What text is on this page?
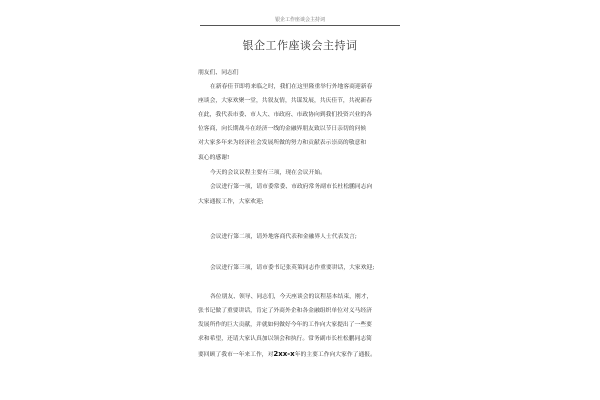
银企工作座谈会主持词
银企工作座谈会主持词
朋友们、同志们
在新春佳节即将来临之时，我们在这里隆重举行外地客商迎新春
座谈会，大家欢聚一堂，共叙友情，共谋发展，共庆佳节，共祝新春
在此，我代表市委、市人大、市政府、市政协向到我们投资兴业的各
位客商，向长期战斗在经济一线的金融界朋友致以节日亲切的问候
对大家多年来为经济社会发展所做的努力和贡献表示崇高的敬意和
衷心的感谢!
今天的会议议程主要有三项，现在会议开始。
会议进行第一项，请市委常委、市政府常务副市长杜松鹏同志向
大家通报工作，大家欢迎;
会议进行第二项，请外地客商代表和金融界人士代表发言;
会议进行第三项，请市委书记张英策同志作重要讲话，大家欢迎;
各位朋友、领导、同志们，今天座谈会的议程基本结束，刚才，
张书记做了重要讲话，肯定了外商外企和各金融组织单位对义马经济
发展所作的巨大贡献，并就如何做好今年的工作向大家提出了一些要
求和希望，还请大家认真加以领会和执行。常务副市长杜松鹏同志简
要回顾了我市一年来工作，对2xx-x年的主要工作向大家作了通报。
